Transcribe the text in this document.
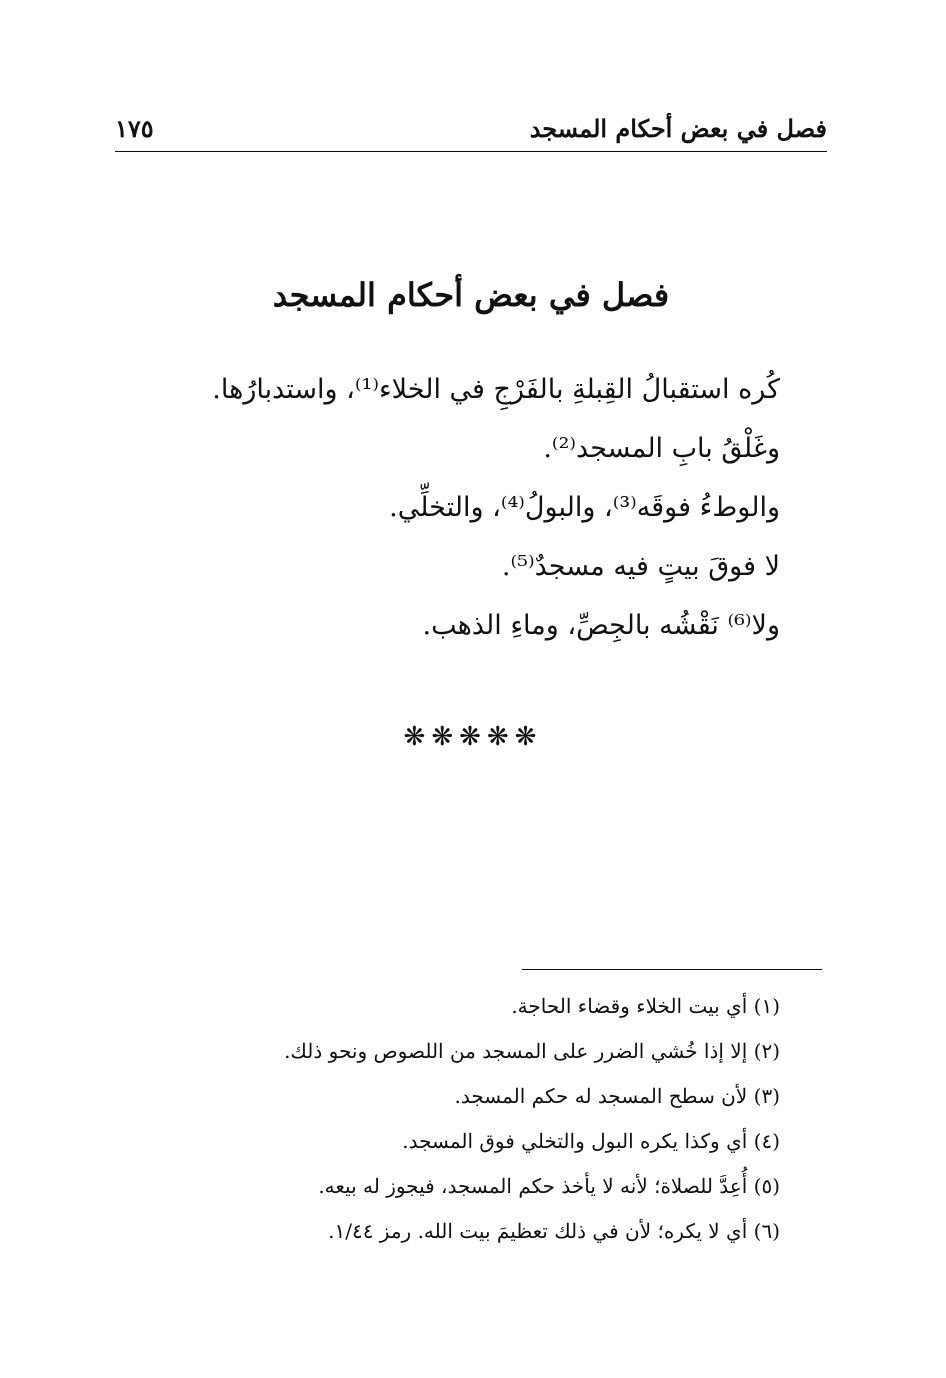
فصل في بعض أحكام المسجد
١٧٥
فصل في بعض أحكام المسجد
كُره استقبالُ القِبلةِ بالفَرْجِ في الخلاء⁽¹⁾، واستدبارُها.
وغَلْقُ بابِ المسجد⁽²⁾.
والوطءُ فوقَه⁽³⁾، والبولُ⁽⁴⁾، والتخلِّي.
لا فوقَ بيتٍ فيه مسجدٌ⁽⁵⁾.
ولا⁽⁶⁾ نَقْشُه بالجِصِّ، وماءِ الذهب.
❋❋❋❋❋
(١) أي بيت الخلاء وقضاء الحاجة.
(٢) إلا إذا خُشي الضرر على المسجد من اللصوص ونحو ذلك.
(٣) لأن سطح المسجد له حكم المسجد.
(٤) أي وكذا يكره البول والتخلي فوق المسجد.
(٥) أُعِدَّ للصلاة؛ لأنه لا يأخذ حكم المسجد، فيجوز له بيعه.
(٦) أي لا يكره؛ لأن في ذلك تعظيمَ بيت الله. رمز ١/٤٤.
